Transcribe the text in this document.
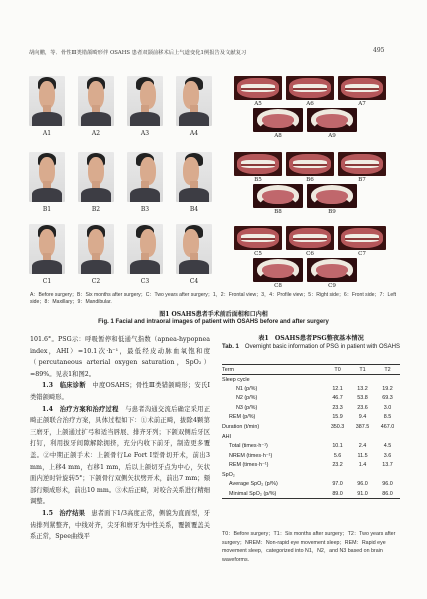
胡向鹏，等．骨性Ⅲ类错颌畸形伴 OSAHS 患者双颌前移术后上气道变化1例报告及文献复习	495
A1	A2	A3	A4
B1	B2	B3	B4
C1	C2	C3	C4
A5	A6	A7
A8	A9
B5	B6	B7
B8	B9
C5	C6	C7
C8	C9
A：Before surgery；B：Six months after surgery；C：Two years after surgery；1，2：Frontal view；3，4：Profile view；5：Right side；6：Front side；7：Left side；8：Maxillary；9：Mandibular.
图1 OSAHS患者手术前后面相和口内相
Fig. 1 Facial and intraoral images of patient with OSAHS before and after surgery

101.6°。PSG示：呼吸暂停和低通气指数（apnea-hypopnea index，AHI）=10.1次·h⁻¹，最低经皮动脉血氧饱和度（percutaneous arterial oxygen saturation，SpO₂）=89%。见表1和图2。

1.3　临床诊断　 中度OSAHS；骨性Ⅲ类错颌畸形；安氏Ⅰ类错颌畸形。

1.4　治疗方案和治疗过程　 与患者沟通交流后确定采用正畸正颌联合治疗方案，具体过程如下：①术前正畸，拔除4颗第三磨牙，上颌通过扩弓和适当唇展、排齐牙列；下颌双侧后牙区打钉，利用拔牙间隙解除拥挤，充分内收下前牙，制造更多覆盖。②中期正颌手术：上颌骨行Le Fort Ⅰ型骨切开术，前出3 mm，上移4 mm，右移1 mm，后以上颌切牙点为中心，矢状面内逆时针旋转5°；下颌骨行双侧矢状劈开术，前出7 mm；颏部行颏成形术，前出10 mm。③术后正畸，对咬合关系进行精细调整。

1.5　治疗结果　 患者面下1/3高度正常，侧貌为直面型，牙齿排列紧整齐，中线对齐，尖牙和磨牙为中性关系，覆颌覆盖关系正常，Spee曲线平

表1　OSAHS患者PSG整夜基本情况
Tab. 1　 Overnight basic information of PSG in patient with OSAHS
Term	T0	T1	T2
Sleep cycle			
N1 (p/%)	12.1	13.2	19.2
N2 (p/%)	46.7	53.8	69.3
N3 (p/%)	23.3	23.6	3.0
REM (p/%)	15.9	9.4	8.5
Duration (t/min)	350.3	387.5	467.0
AHI			
Total (times·h⁻¹)	10.1	2.4	4.5
NREM (times·h⁻¹)	5.6	11.5	3.6
REM (times·h⁻¹)	23.2	1.4	13.7
SpO₂			
Average SpO₂ (p/%)	97.0	96.0	96.0
Minimal SpO₂ (p/%)	89.0	91.0	86.0
T0：Before surgery；T1：Six months after surgery；T2：Two years after surgery；NREM：Non-rapid eye movement sleep；REM：Rapid eye movement sleep，categorized into N1，N2，and N3 based on brain waveforms.
